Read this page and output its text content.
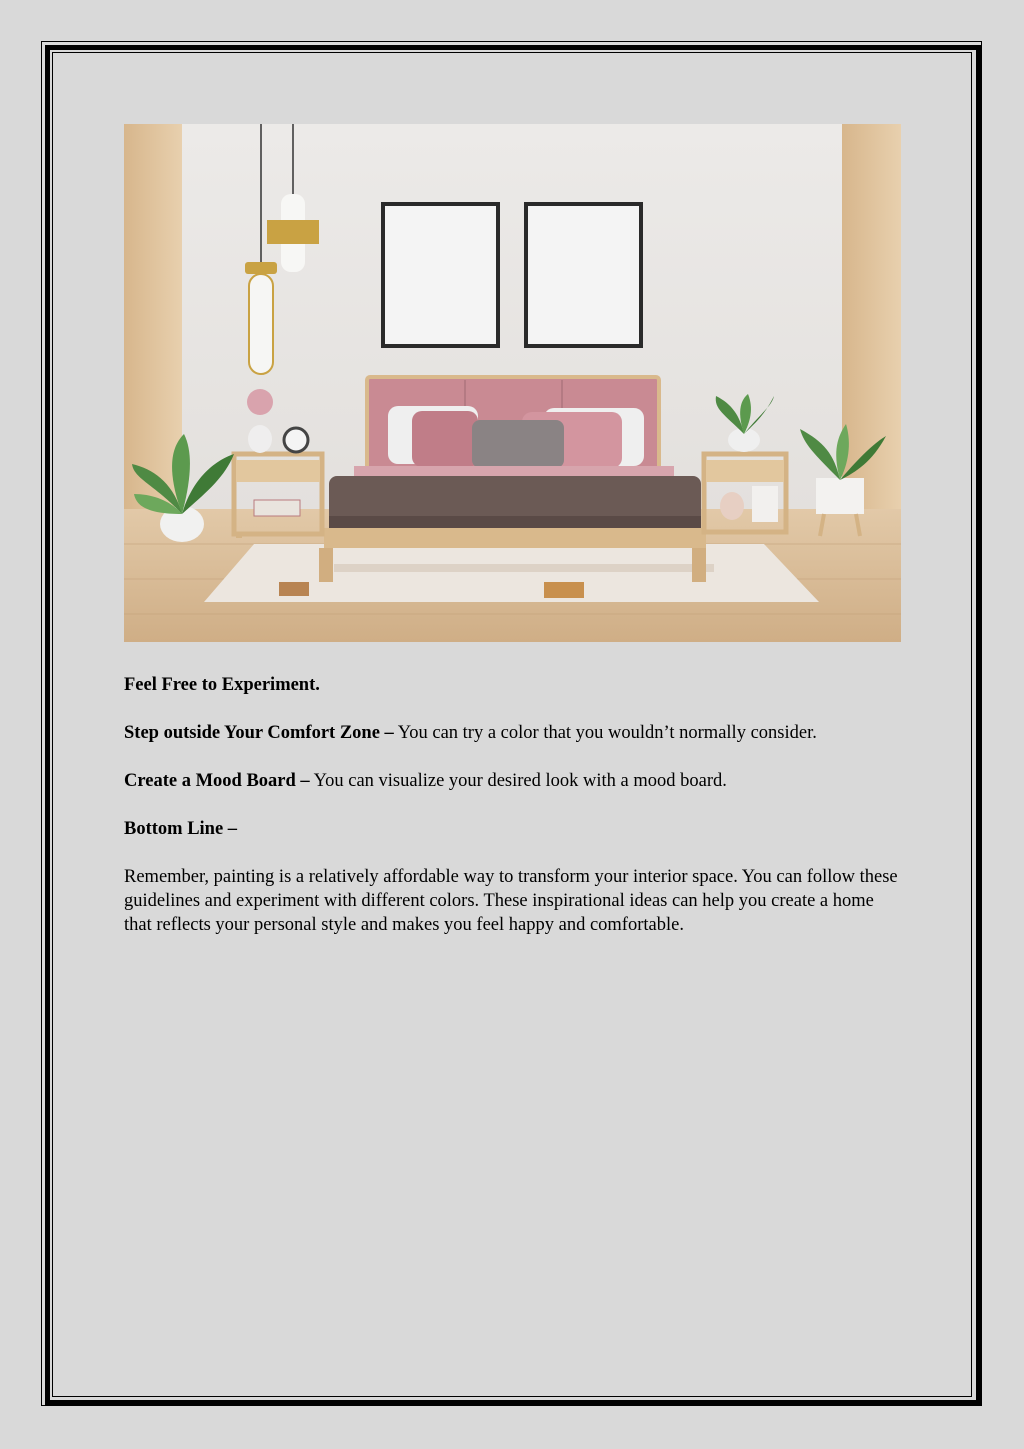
Feel Free to Experiment.

Step outside Your Comfort Zone – You can try a color that you wouldn’t normally consider.

Create a Mood Board – You can visualize your desired look with a mood board.

Bottom Line –

Remember, painting is a relatively affordable way to transform your interior space. You can follow these guidelines and experiment with different colors. These inspirational ideas can help you create a home that reflects your personal style and makes you feel happy and comfortable.
